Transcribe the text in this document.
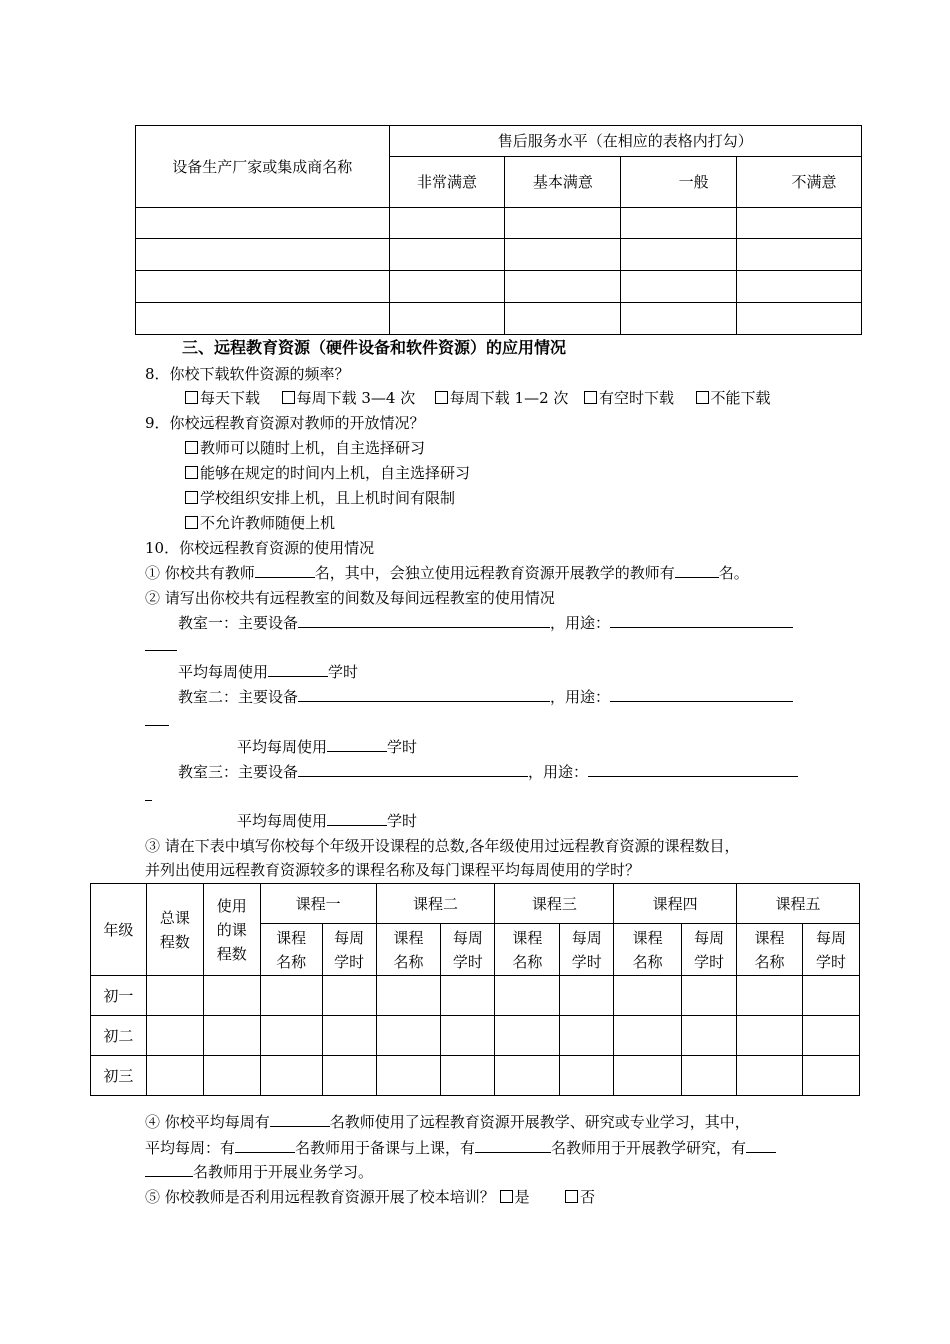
设备生产厂家或集成商名称	售后服务水平（在相应的表格内打勾）			

	非常满意	基本满意	一般	不满意

三、远程教育资源（硬件设备和软件资源）的应用情况
8．你校下载软件资源的频率？
每天下载 每周下载 3—4 次 每周下载 1—2 次 有空时下载 不能下载
9．你校远程教育资源对教师的开放情况？
教师可以随时上机，自主选择研习
能够在规定的时间内上机，自主选择研习
学校组织安排上机，且上机时间有限制
不允许教师随便上机
10．你校远程教育资源的使用情况
① 你校共有教师	名，其中，会独立使用远程教育资源开展教学的教师有	名。
② 请写出你校共有远程教室的间数及每间远程教室的使用情况
教室一：主要设备	，用途：
平均每周使用	学时
教室二：主要设备	，用途：
平均每周使用	学时
教室三：主要设备	，用途：
平均每周使用	学时
③ 请在下表中填写你校每个年级开设课程的总数,各年级使用过远程教育资源的课程数目，
并列出使用远程教育资源较多的课程名称及每门课程平均每周使用的学时？
年级	总课程数	使用的课程数	课程一		课程二		课程三		课程四		课程五	

			课程名称	每周学时	课程名称	每周学时	课程名称	每周学时	课程名称	每周学时	课程名称	每周学时

初一												
初二												
初三												
④ 你校平均每周有	名教师使用了远程教育资源开展教学、研究或专业学习，其中，
平均每周：有	名教师用于备课与上课，有	名教师用于开展教学研究，有
名教师用于开展业务学习。
⑤ 你校教师是否利用远程教育资源开展了校本培训？ 是	否
